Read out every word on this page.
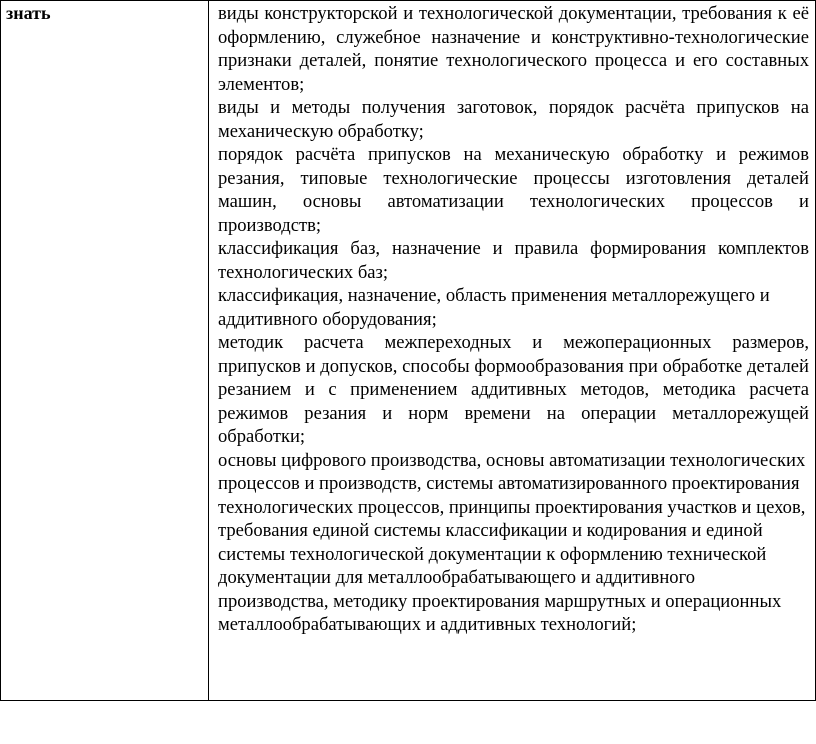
знать	виды конструкторской и технологической документации, требования к её оформлению, служебное назначение и конструктивно-технологические признаки деталей, понятие технологического процесса и его составных элементов;

виды и методы получения заготовок, порядок расчёта припусков на механическую обработку;

порядок расчёта припусков на механическую обработку и режимов резания, типовые технологические процессы изготовления деталей машин, основы автоматизации технологических процессов и производств;

классификация баз, назначение и правила формирования комплектов технологических баз;

классификация, назначение, область применения металлорежущего и аддитивного оборудования;

методик расчета межпереходных и межоперационных размеров, припусков и допусков, способы формообразования при обработке деталей резанием и с применением аддитивных методов, методика расчета режимов резания и норм времени на операции металлорежущей обработки;

основы цифрового производства, основы автоматизации технологических процессов и производств, системы автоматизированного проектирования технологических процессов, принципы проектирования участков и цехов, требования единой системы классификации и кодирования и единой системы технологической документации к оформлению технической документации для металлообрабатывающего и аддитивного производства, методику проектирования маршрутных и операционных металлообрабатывающих и аддитивных технологий;
